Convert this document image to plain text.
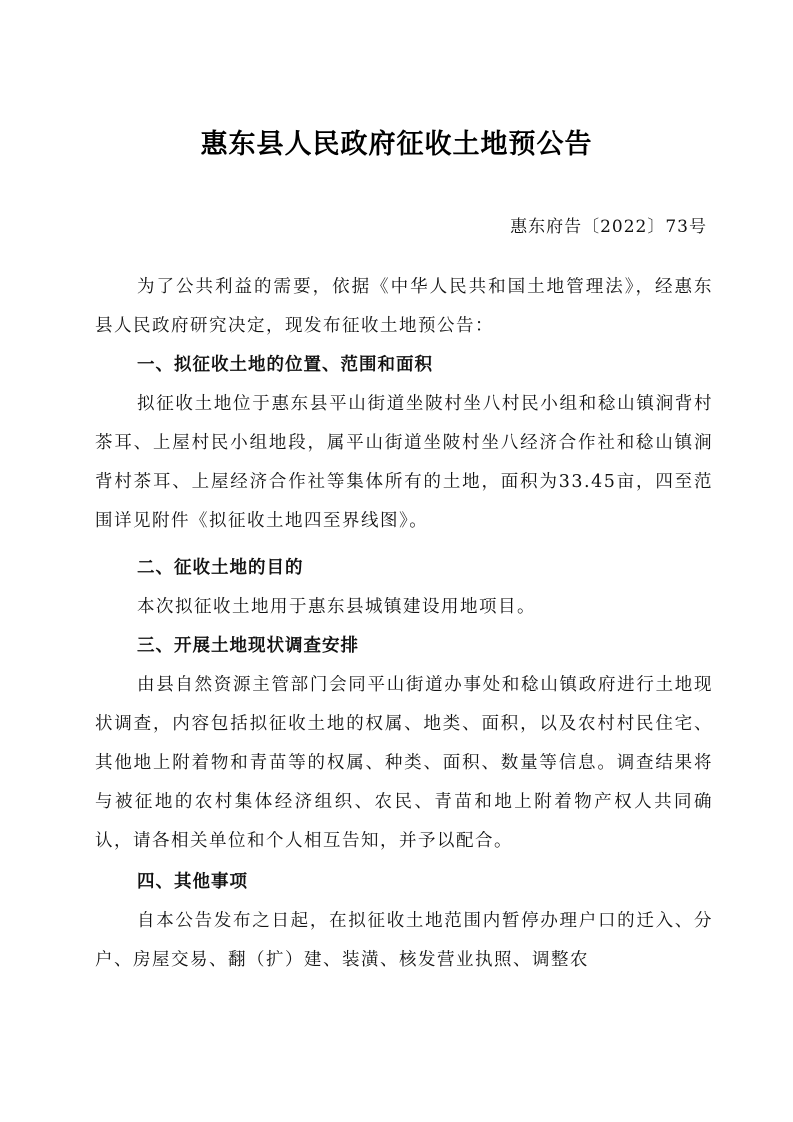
惠东县人民政府征收土地预公告
惠东府告〔2022〕73号

为了公共利益的需要，依据《中华人民共和国土地管理法》，经惠东县人民政府研究决定，现发布征收土地预公告：

一、拟征收土地的位置、范围和面积

拟征收土地位于惠东县平山街道坐陂村坐八村民小组和稔山镇涧背村茶耳、上屋村民小组地段，属平山街道坐陂村坐八经济合作社和稔山镇涧背村茶耳、上屋经济合作社等集体所有的土地，面积为33.45亩，四至范围详见附件《拟征收土地四至界线图》。

二、征收土地的目的

本次拟征收土地用于惠东县城镇建设用地项目。

三、开展土地现状调查安排

由县自然资源主管部门会同平山街道办事处和稔山镇政府进行土地现状调查，内容包括拟征收土地的权属、地类、面积，以及农村村民住宅、其他地上附着物和青苗等的权属、种类、面积、数量等信息。调查结果将与被征地的农村集体经济组织、农民、青苗和地上附着物产权人共同确认，请各相关单位和个人相互告知，并予以配合。

四、其他事项

自本公告发布之日起，在拟征收土地范围内暂停办理户口的迁入、分户、房屋交易、翻（扩）建、装潢、核发营业执照、调整农
